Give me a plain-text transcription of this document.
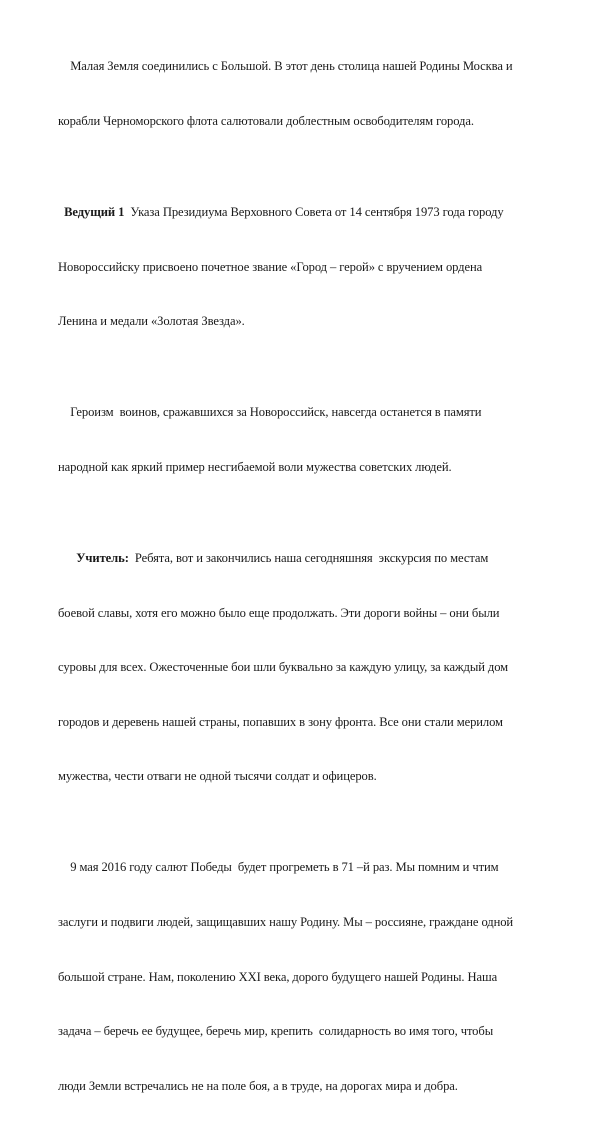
Малая Земля соединились с Большой. В этот день столица нашей Родины Москва и

корабли Черноморского флота салютовали доблестным освободителям города.

Ведущий 1  Указа Президиума Верховного Совета от 14 сентября 1973 года городу

Новороссийску присвоено почетное звание «Город – герой» с вручением ордена

Ленина и медали «Золотая Звезда».

Героизм  воинов, сражавшихся за Новороссийск, навсегда останется в памяти

народной как яркий пример несгибаемой воли мужества советских людей.

Учитель:  Ребята, вот и закончились наша сегодняшняя  экскурсия по местам

боевой славы, хотя его можно было еще продолжать. Эти дороги войны – они были

суровы для всех. Ожесточенные бои шли буквально за каждую улицу, за каждый дом

городов и деревень нашей страны, попавших в зону фронта. Все они стали мерилом

мужества, чести отваги не одной тысячи солдат и офицеров.

9 мая 2016 году салют Победы  будет прогреметь в 71 –й раз. Мы помним и чтим

заслуги и подвиги людей, защищавших нашу Родину. Мы – россияне, граждане одной

большой стране. Нам, поколению XXI века, дорого будущего нашей Родины. Наша

задача – беречь ее будущее, беречь мир, крепить  солидарность во имя того, чтобы

люди Земли встречались не на поле боя, а в труде, на дорогах мира и добра.
